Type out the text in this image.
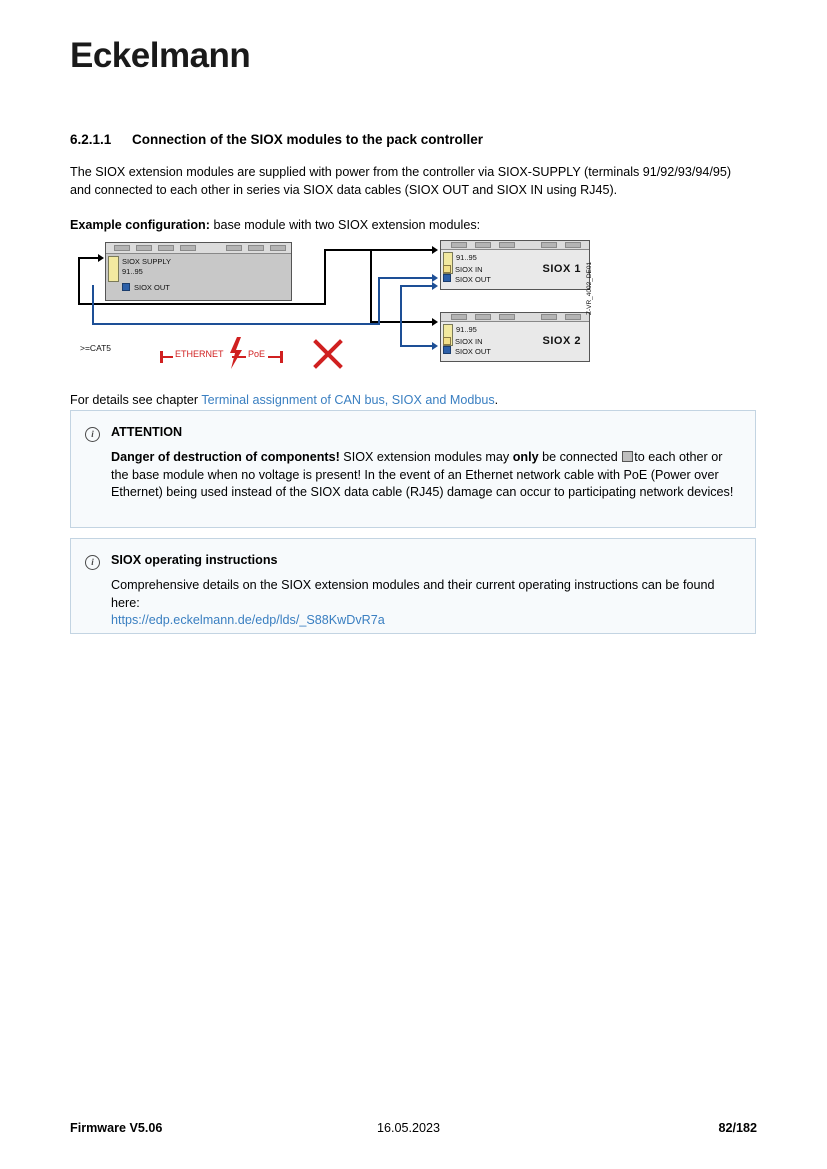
Eckelmann
6.2.1.1 Connection of the SIOX modules to the pack controller
The SIOX extension modules are supplied with power from the controller via SIOX-SUPPLY (terminals 91/92/93/94/95) and connected to each other in series via SIOX data cables (SIOX OUT and SIOX IN using RJ45).
Example configuration: base module with two SIOX extension modules:
SIOX SUPPLY
91..95
SIOX OUT
91..95
SIOX IN
SIOX OUT
SIOX 1
91..95
SIOX IN
SIOX OUT
SIOX 2
>=CAT5
ETHERNET	PoE
Z-VR_4002_DE01
For details see chapter Terminal assignment of CAN bus, SIOX and Modbus.
i	ATTENTION
Danger of destruction of components! SIOX extension modules may only be connected to each other or the base module when no voltage is present! In the event of an Ethernet network cable with PoE (Power over Ethernet) being used instead of the SIOX data cable (RJ45) damage can occur to participating network devices!
i	SIOX operating instructions
Comprehensive details on the SIOX extension modules and their current operating instructions can be found here:
https://edp.eckelmann.de/edp/lds/_S88KwDvR7a
Firmware V5.06	16.05.2023	82/182
